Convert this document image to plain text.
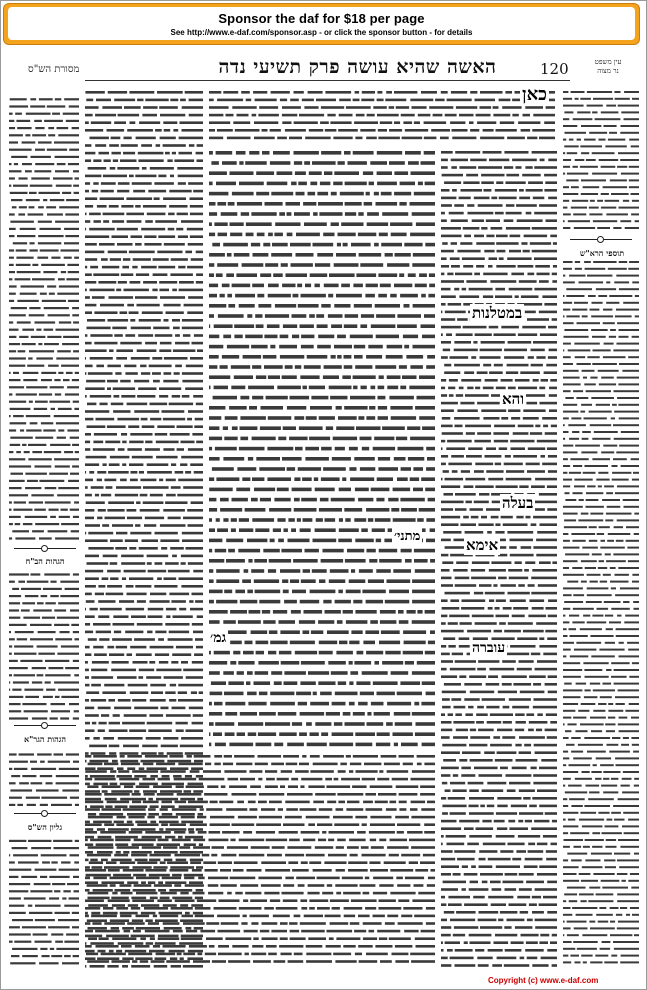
Sponsor the daf for $18 per page
See http://www.e-daf.com/sponsor.asp - or click the sponsor button - for details
120
האשה שהיא עושה פרק תשיעי נדה
מסורת הש"ס
עין משפט
נר מצוה
כאן
מתני׳
גמ׳
במטלנות
והא
בעלה
אימא
עוברה
תוספי הרא"ש
הגהות הב"ח
הגהות הגר"א
גליון הש"ס
Copyright (c) www.e-daf.com
